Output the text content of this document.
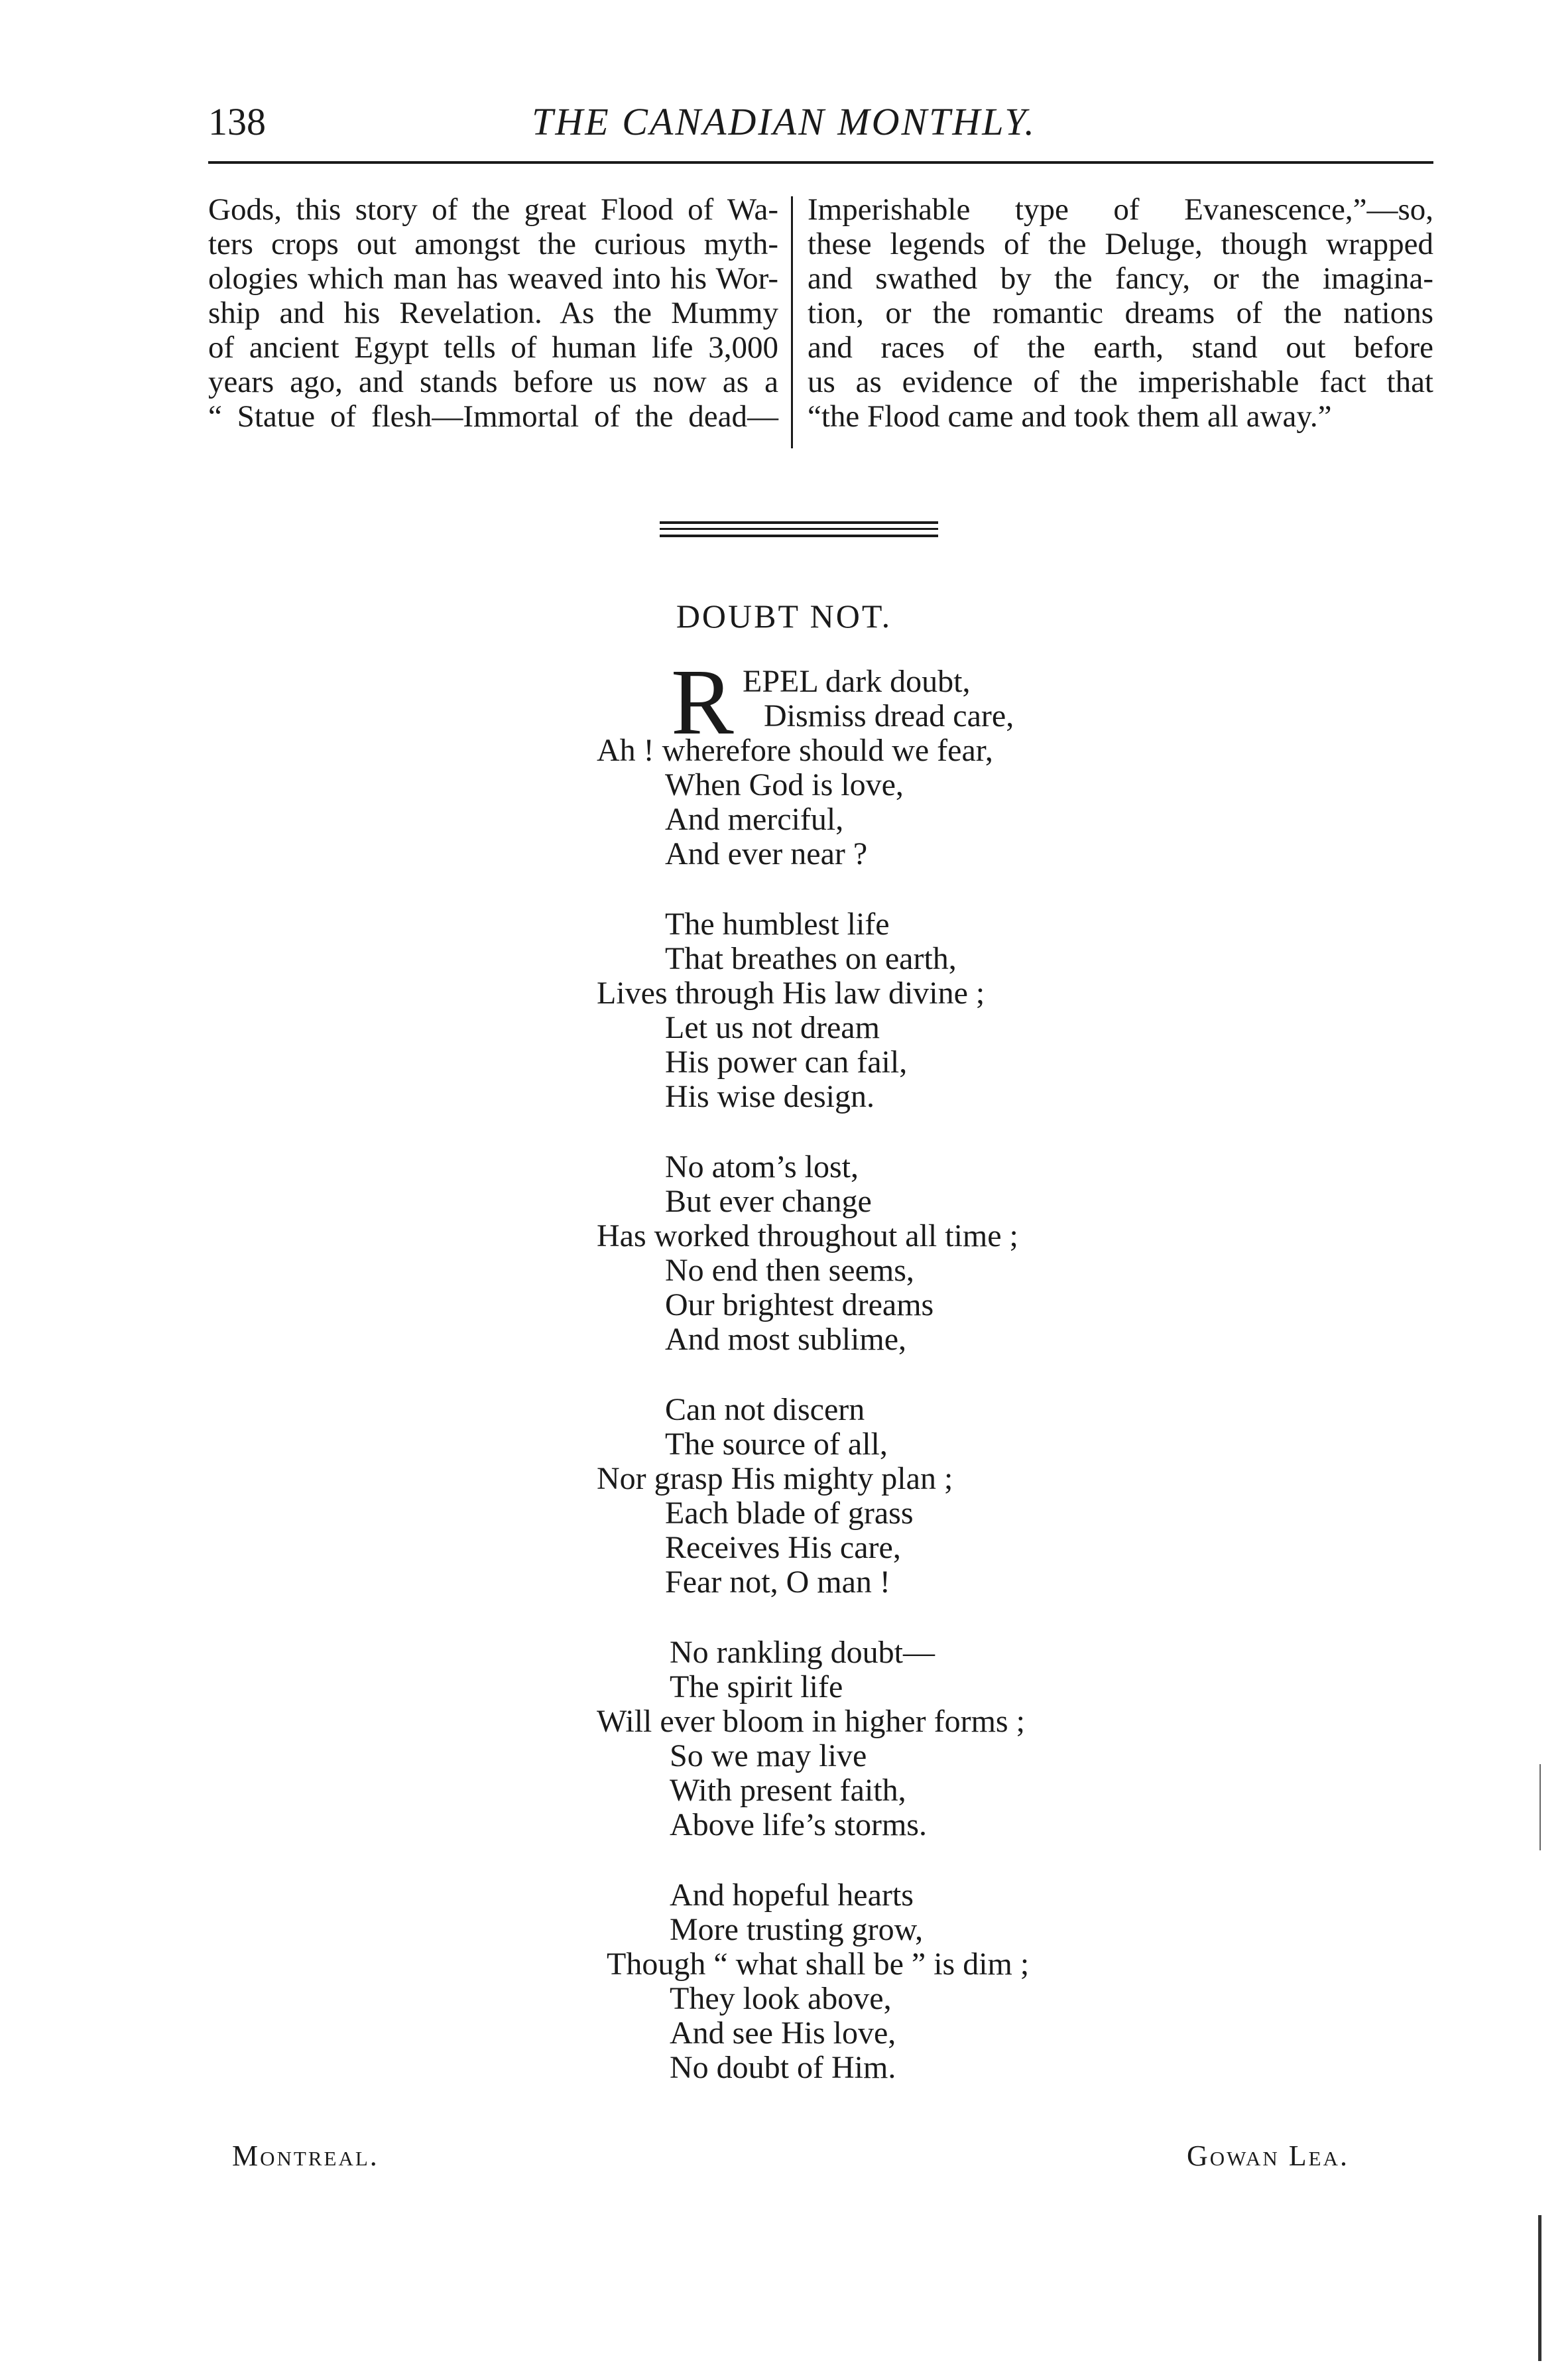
138	THE CANADIAN MONTHLY.
Gods, this story of the great Flood of Wa-
ters crops out amongst the curious myth-
ologies which man has weaved into his Wor-
ship and his Revelation. As the Mummy
of ancient Egypt tells of human life 3,000
years ago, and stands before us now as a
“ Statue of flesh—Immortal of the dead—
Imperishable type of Evanescence,”—so,
these legends of the Deluge, though wrapped
and swathed by the fancy, or the imagina-
tion, or the romantic dreams of the nations
and races of the earth, stand out before
us as evidence of the imperishable fact that
“the Flood came and took them all away.”
DOUBT NOT.
R EPEL dark doubt,
Dismiss dread care,
Ah ! wherefore should we fear,
When God is love,
And merciful,
And ever near ?
The humblest life
That breathes on earth,
Lives through His law divine ;
Let us not dream
His power can fail,
His wise design.
No atom’s lost,
But ever change
Has worked throughout all time ;
No end then seems,
Our brightest dreams
And most sublime,
Can not discern
The source of all,
Nor grasp His mighty plan ;
Each blade of grass
Receives His care,
Fear not, O man !
No rankling doubt—
The spirit life
Will ever bloom in higher forms ;
So we may live
With present faith,
Above life’s storms.
And hopeful hearts
More trusting grow,
Though “ what shall be ” is dim ;
They look above,
And see His love,
No doubt of Him.
Montreal.	Gowan Lea.
